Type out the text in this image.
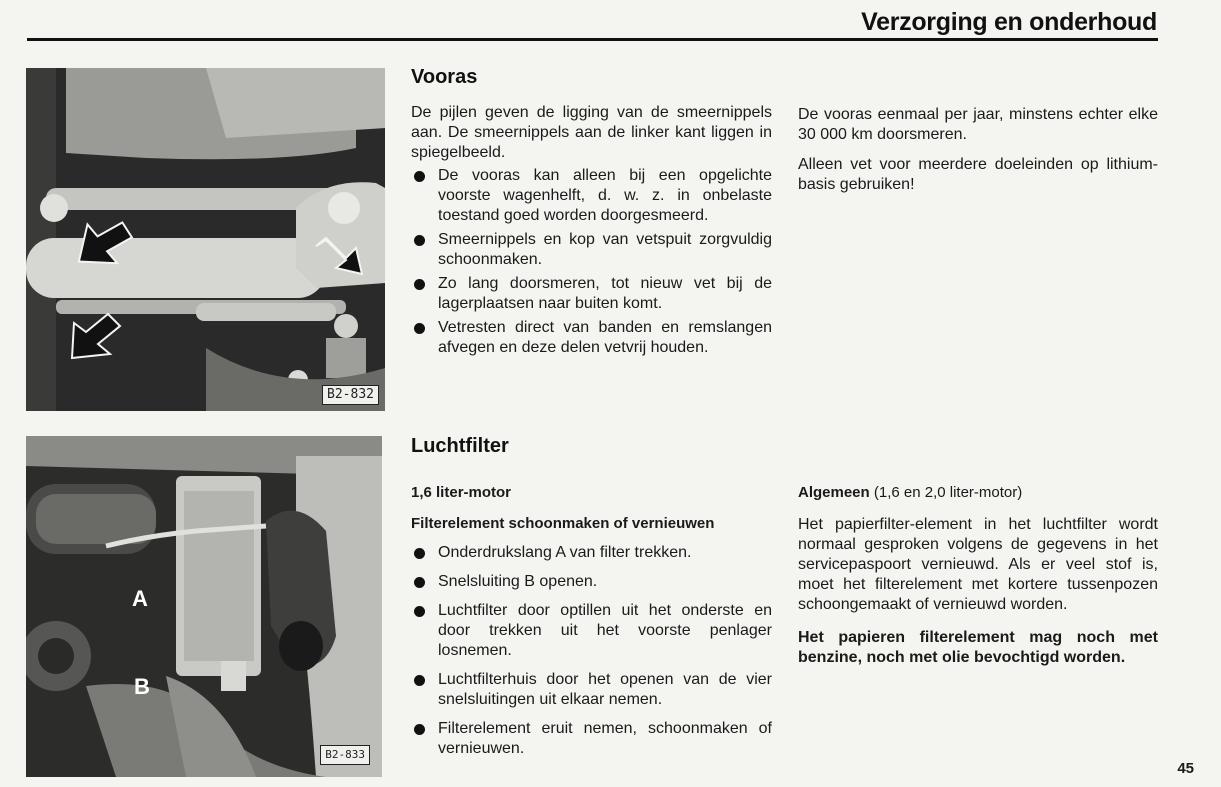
Verzorging en onderhoud
B2-832
A
B
B2-833
Vooras

De pijlen geven de ligging van de smeernippels aan. De smeernippels aan de linker kant liggen in spiegelbeeld.

De vooras kan alleen bij een opgelichte voorste wagenhelft, d. w. z. in onbelaste toestand goed worden doorgesmeerd.
Smeernippels en kop van vetspuit zorgvuldig schoonmaken.
Zo lang doorsmeren, tot nieuw vet bij de lagerplaatsen naar buiten komt.
Vetresten direct van banden en remslangen afvegen en deze delen vetvrij houden.

De vooras eenmaal per jaar, minstens echter elke 30 000 km doorsmeren.

Alleen vet voor meerdere doeleinden op lithium-basis gebruiken!

Luchtfilter
1,6 liter-motor
Filterelement schoonmaken of vernieuwen
Onderdrukslang A van filter trekken.
Snelsluiting B openen.
Luchtfilter door optillen uit het onderste en door trekken uit het voorste penlager losnemen.
Luchtfilterhuis door het openen van de vier snelsluitingen uit elkaar nemen.
Filterelement eruit nemen, schoonmaken of vernieuwen.
Algemeen (1,6 en 2,0 liter-motor)

Het papierfilter-element in het luchtfilter wordt normaal gesproken volgens de gegevens in het servicepaspoort vernieuwd. Als er veel stof is, moet het filterelement met kortere tussenpozen schoongemaakt of vernieuwd worden.

Het papieren filterelement mag noch met benzine, noch met olie bevochtigd worden.

45
